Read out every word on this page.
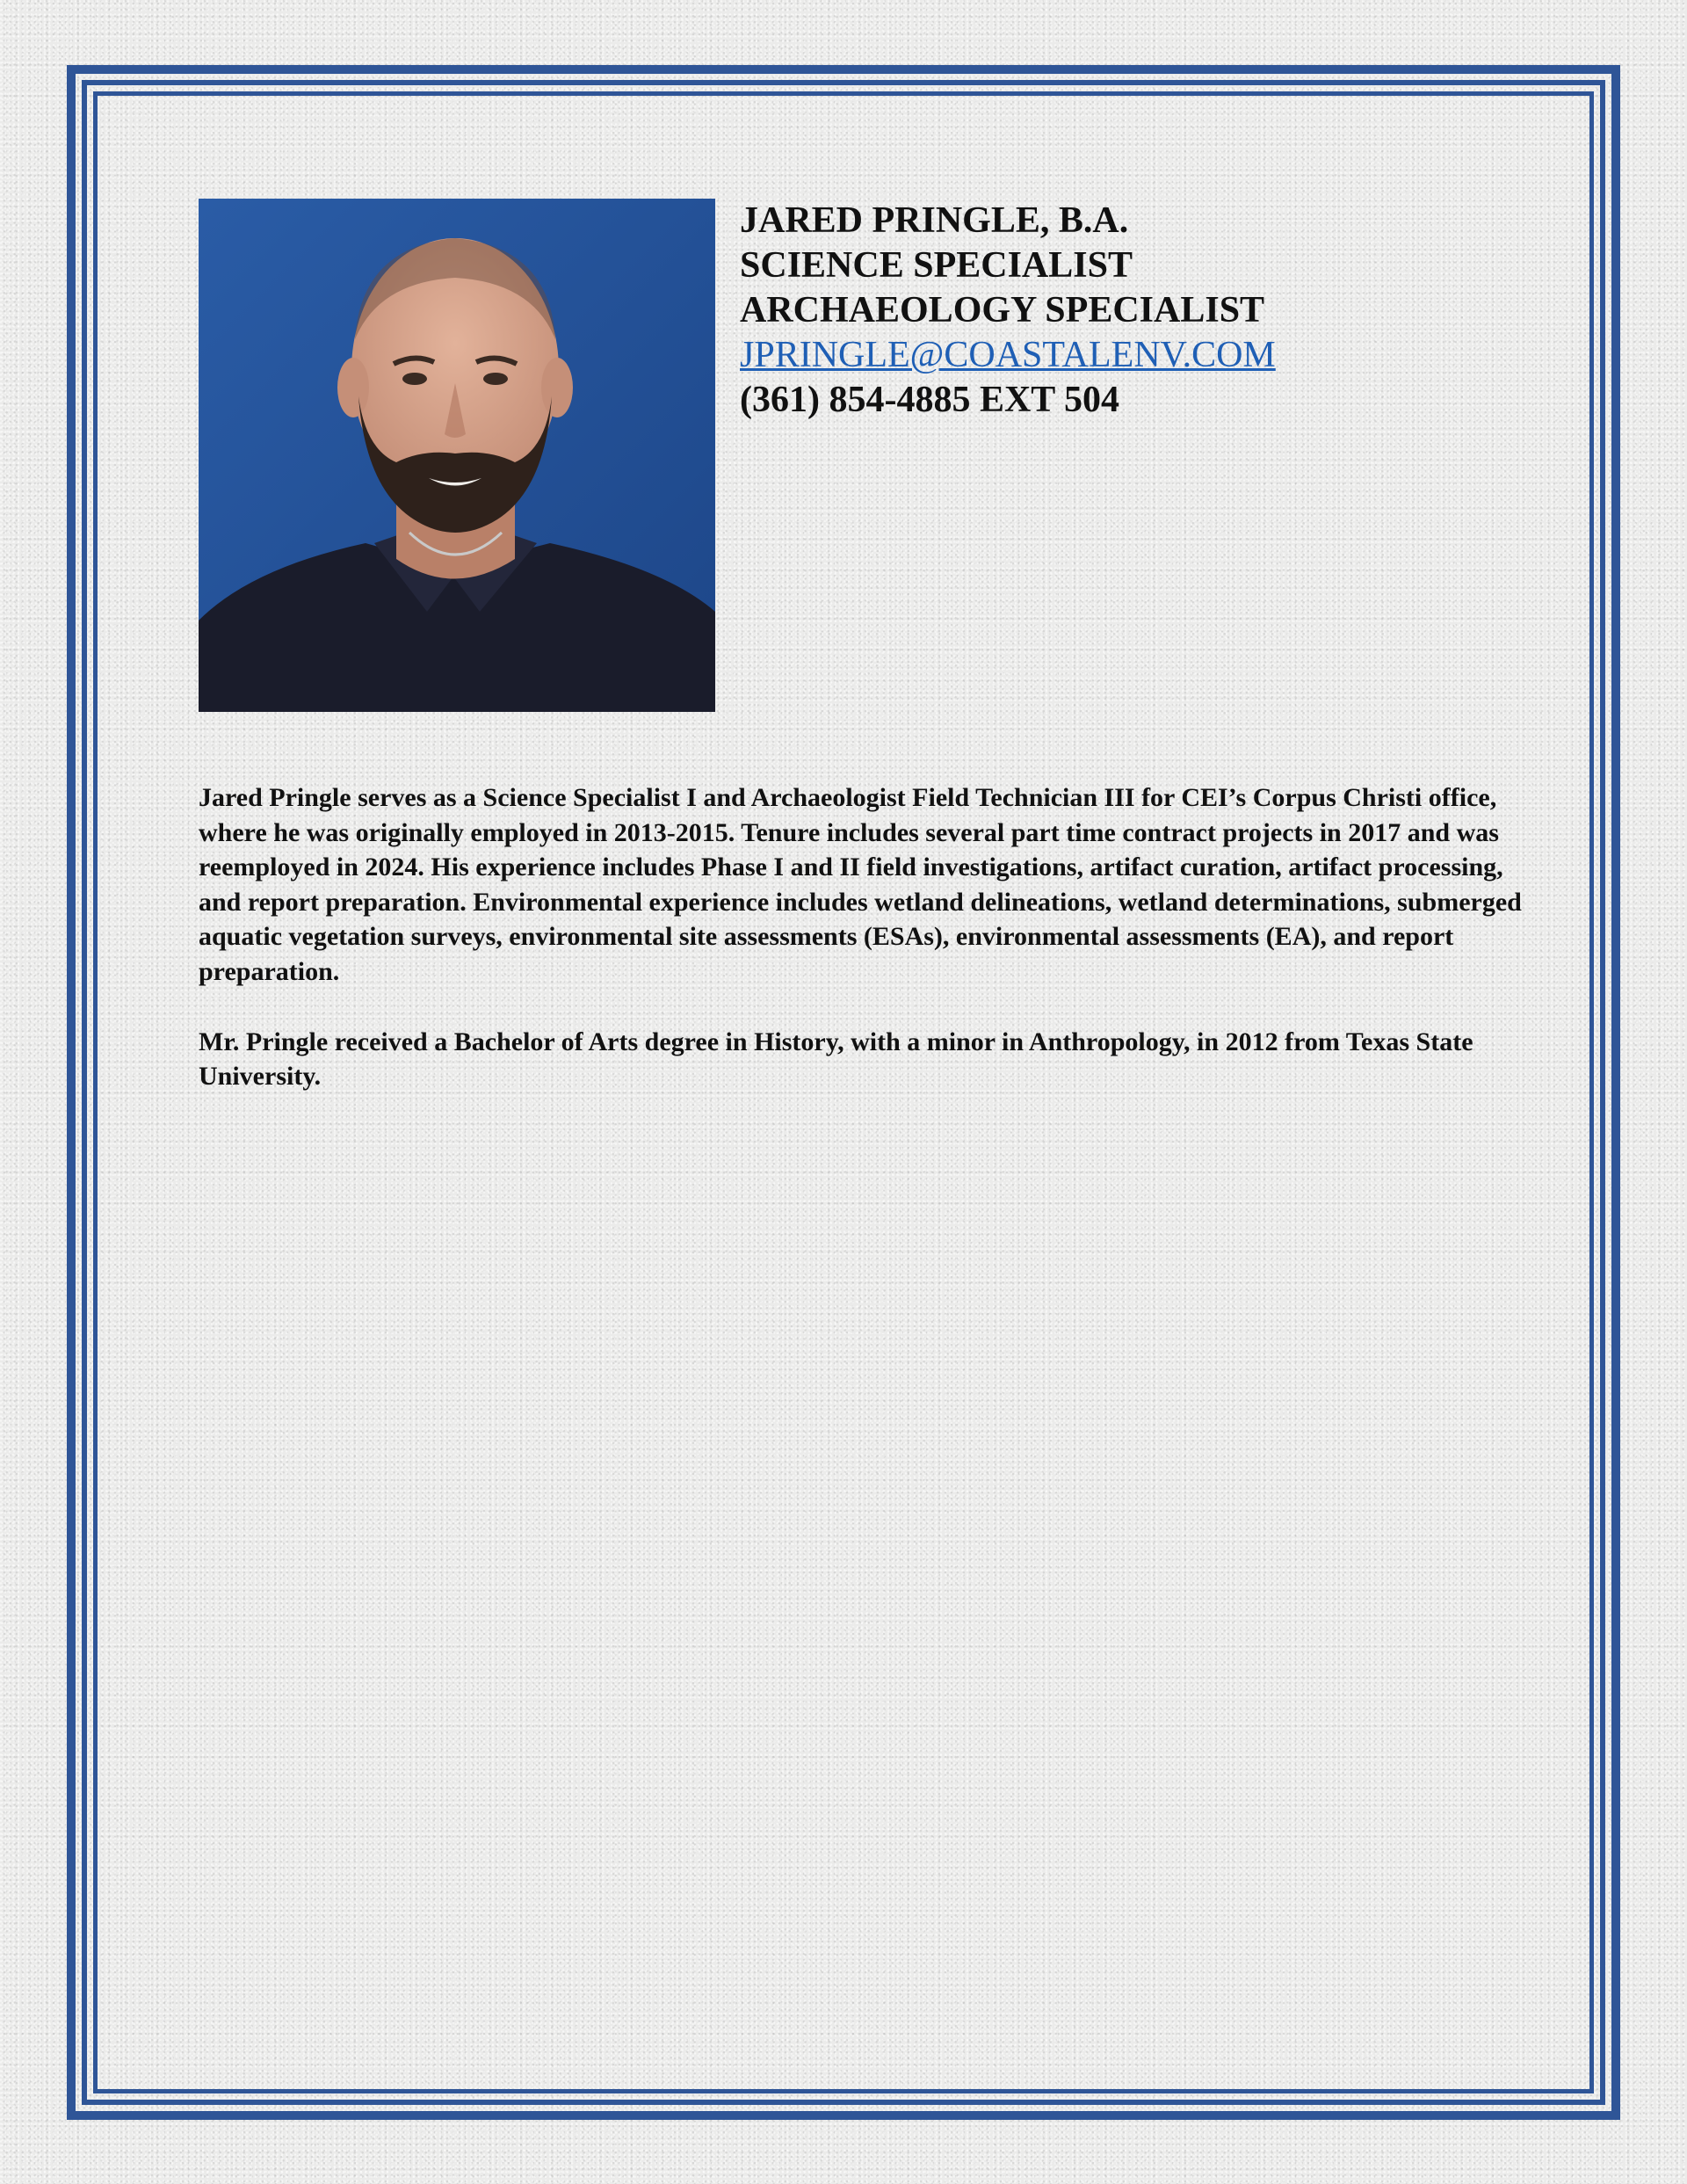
JARED PRINGLE, B.A.
SCIENCE SPECIALIST
ARCHAEOLOGY SPECIALIST
JPRINGLE@COASTALENV.COM
(361) 854-4885 EXT 504

Jared Pringle serves as a Science Specialist I and Archaeologist Field Technician III for CEI’s Corpus Christi office, where he was originally employed in 2013-2015. Tenure includes several part time contract projects in 2017 and was reemployed in 2024. His experience includes Phase I and II field investigations, artifact curation, artifact processing, and report preparation. Environmental experience includes wetland delineations, wetland determinations, submerged aquatic vegetation surveys, environmental site assessments (ESAs), environmental assessments (EA), and report preparation.

Mr. Pringle received a Bachelor of Arts degree in History, with a minor in Anthropology, in 2012 from Texas State University.
